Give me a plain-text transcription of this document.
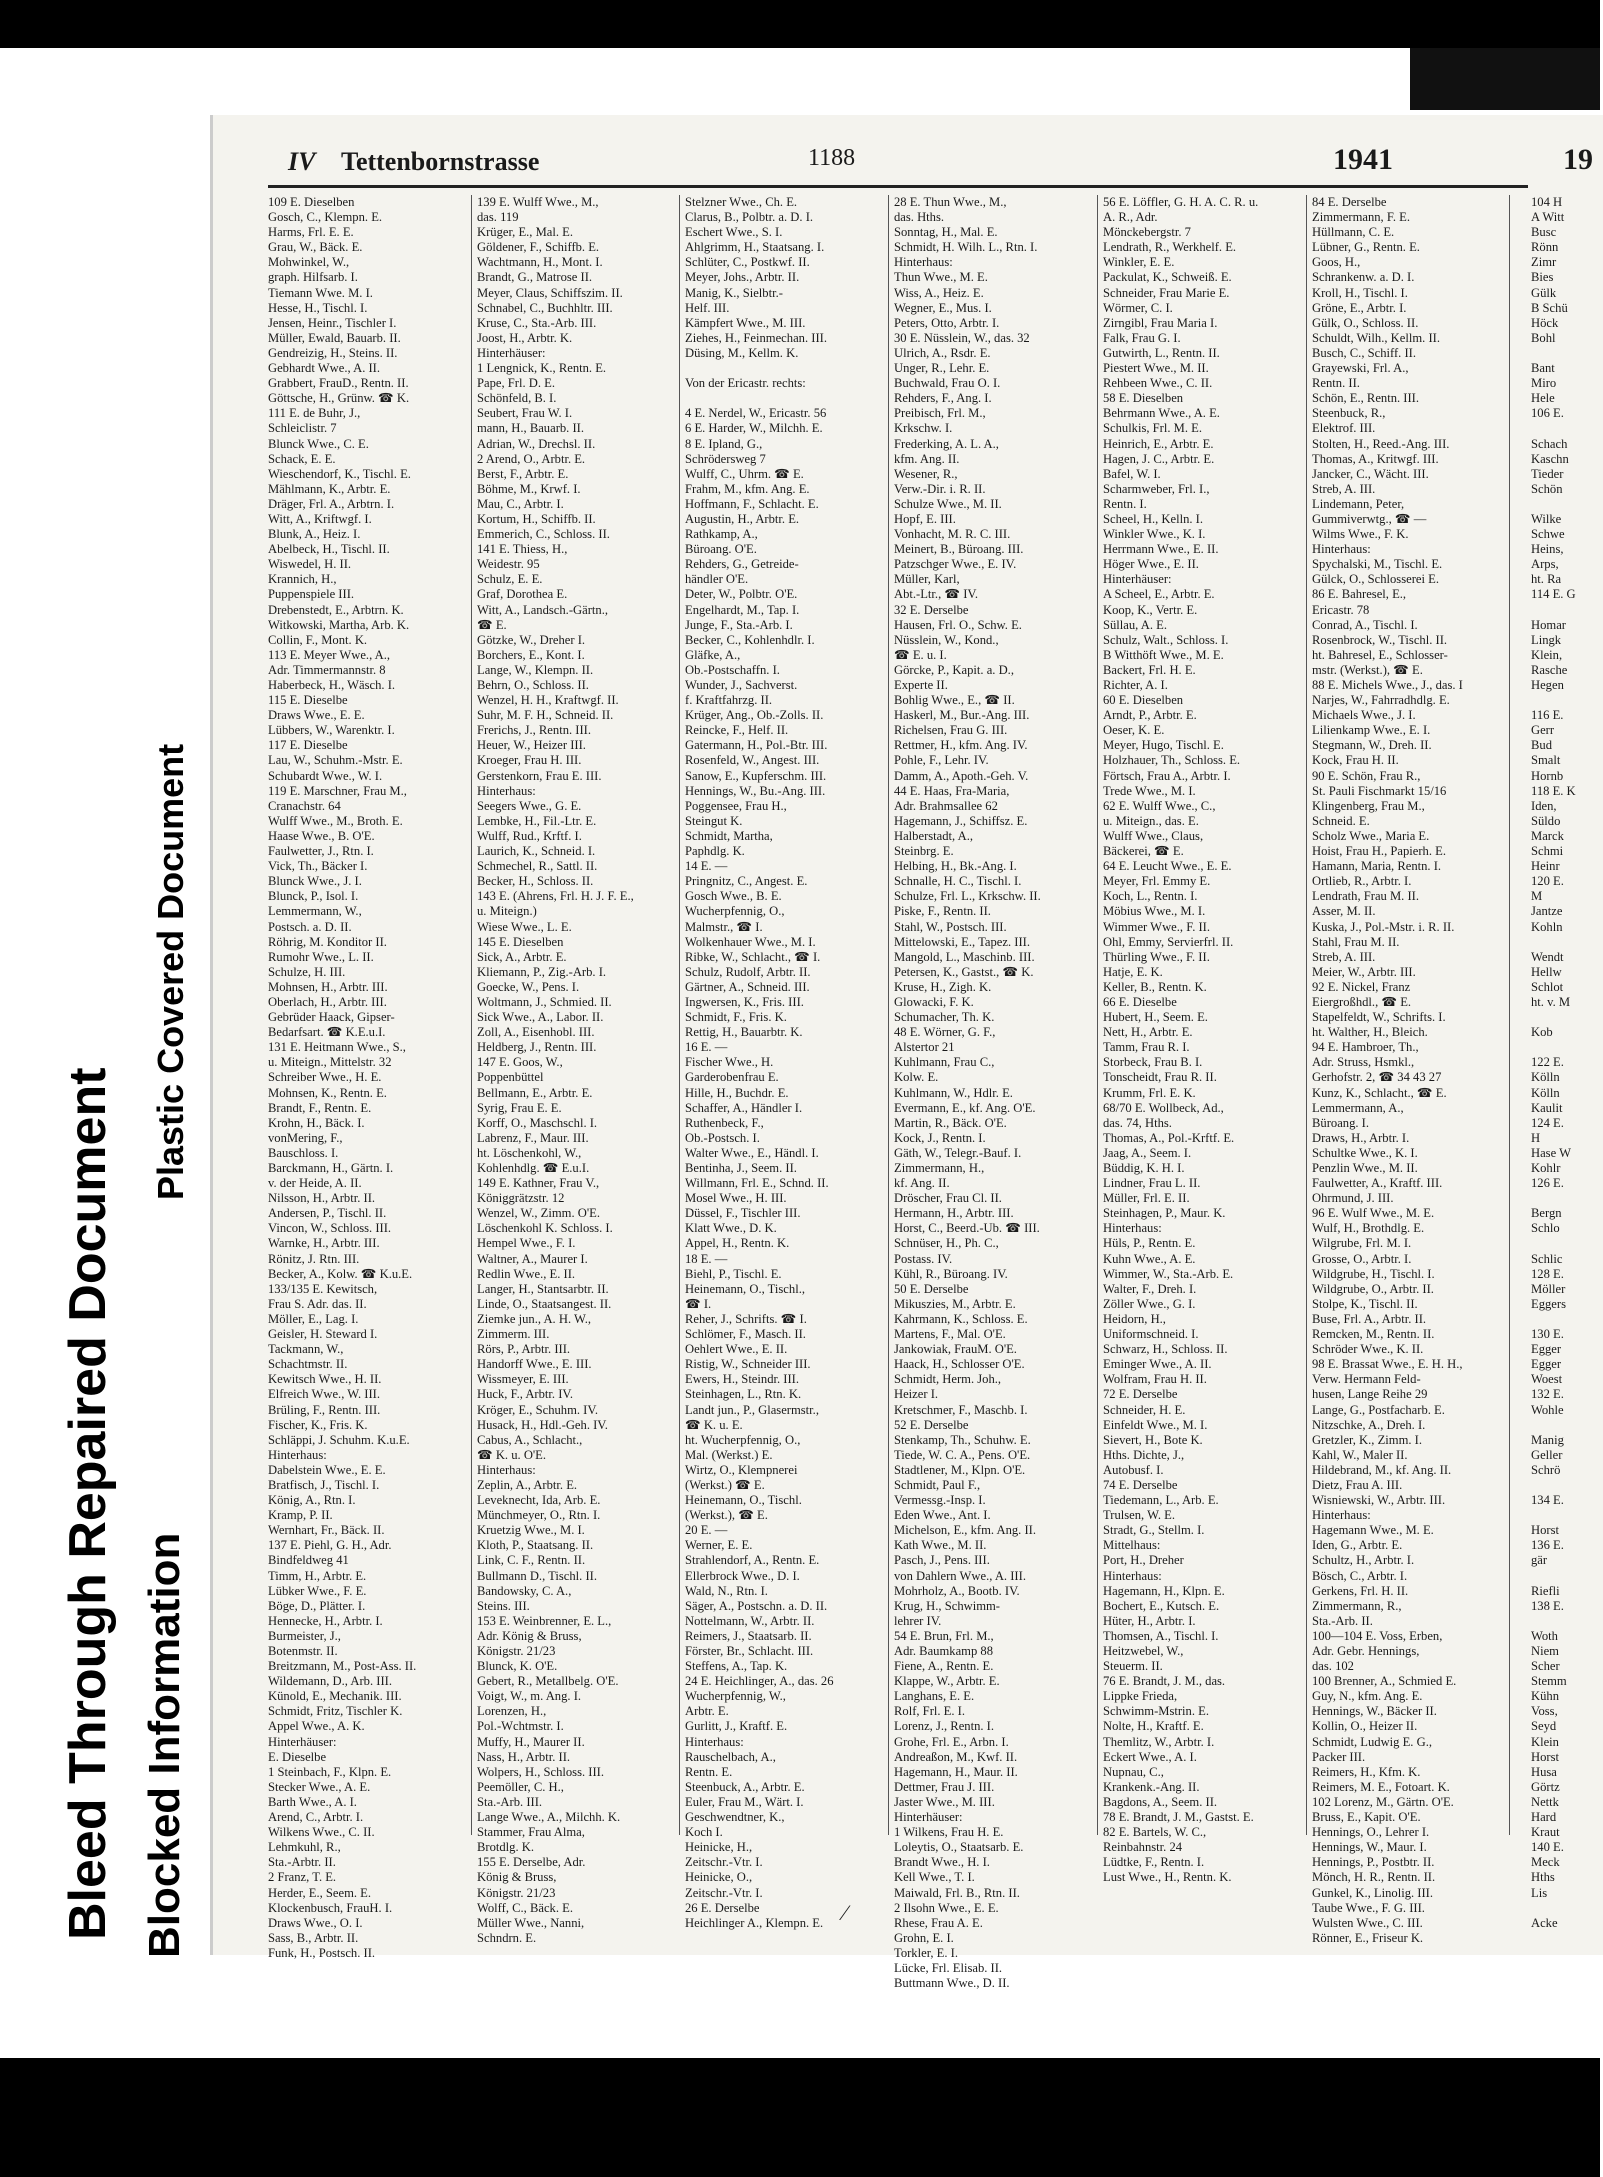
Bleed Through Repaired Document
Plastic Covered Document
Blocked Information
IV Tettenbornstrasse	1188	1941	19
109 E. Dieselben
Gosch, C., Klempn. E.
Harms, Frl. E. E.
Grau, W., Bäck. E.
Mohwinkel, W.,
graph. Hilfsarb. I.
Tiemann Wwe. M. I.
Hesse, H., Tischl. I.
Jensen, Heinr., Tischler I.
Müller, Ewald, Bauarb. II.
Gendreizig, H., Steins. II.
Gebhardt Wwe., A. II.
Grabbert, FrauD., Rentn. II.
Göttsche, H., Grünw. ☎ K.
111 E. de Buhr, J.,
Schleiclistr. 7
Blunck Wwe., C. E.
Schack, E. E.
Wieschendorf, K., Tischl. E.
Mählmann, K., Arbtr. E.
Dräger, Frl. A., Arbtrn. I.
Witt, A., Kriftwgf. I.
Blunk, A., Heiz. I.
Abelbeck, H., Tischl. II.
Wiswedel, H. II.
Krannich, H.,
Puppenspiele III.
Drebenstedt, E., Arbtrn. K.
Witkowski, Martha, Arb. K.
Collin, F., Mont. K.
113 E. Meyer Wwe., A.,
Adr. Timmermannstr. 8
Haberbeck, H., Wäsch. I.
115 E. Dieselbe
Draws Wwe., E. E.
Lübbers, W., Warenktr. I.
117 E. Dieselbe
Lau, W., Schuhm.-Mstr. E.
Schubardt Wwe., W. I.
119 E. Marschner, Frau M.,
Cranachstr. 64
Wulff Wwe., M., Broth. E.
Haase Wwe., B. O'E.
Faulwetter, J., Rtn. I.
Vick, Th., Bäcker I.
Blunck Wwe., J. I.
Blunck, P., Isol. I.
Lemmermann, W.,
Postsch. a. D. II.
Röhrig, M. Konditor II.
Rumohr Wwe., L. II.
Schulze, H. III.
Mohnsen, H., Arbtr. III.
Oberlach, H., Arbtr. III.
Gebrüder Haack, Gipser-
Bedarfsart. ☎ K.E.u.I.
131 E. Heitmann Wwe., S.,
u. Miteign., Mittelstr. 32
Schreiber Wwe., H. E.
Mohnsen, K., Rentn. E.
Brandt, F., Rentn. E.
Krohn, H., Bäck. I.
vonMering, F.,
Bauschloss. I.
Barckmann, H., Gärtn. I.
v. der Heide, A. II.
Nilsson, H., Arbtr. II.
Andersen, P., Tischl. II.
Vincon, W., Schloss. III.
Warnke, H., Arbtr. III.
Rönitz, J. Rtn. III.
Becker, A., Kolw. ☎ K.u.E.
133/135 E. Kewitsch,
Frau S. Adr. das. II.
Möller, E., Lag. I.
Geisler, H. Steward I.
Tackmann, W.,
Schachtmstr. II.
Kewitsch Wwe., H. II.
Elfreich Wwe., W. III.
Brüling, F., Rentn. III.
Fischer, K., Fris. K.
Schläppi, J. Schuhm. K.u.E.
Hinterhaus:
Dabelstein Wwe., E. E.
Bratfisch, J., Tischl. I.
König, A., Rtn. I.
Kramp, P. II.
Wernhart, Fr., Bäck. II.
137 E. Piehl, G. H., Adr.
Bindfeldweg 41
Timm, H., Arbtr. E.
Lübker Wwe., F. E.
Böge, D., Plätter. I.
Hennecke, H., Arbtr. I.
Burmeister, J.,
Botenmstr. II.
Breitzmann, M., Post-Ass. II.
Wildemann, D., Arb. III.
Künold, E., Mechanik. III.
Schmidt, Fritz, Tischler K.
Appel Wwe., A. K.
Hinterhäuser:
E. Dieselbe
1 Steinbach, F., Klpn. E.
Stecker Wwe., A. E.
Barth Wwe., A. I.
Arend, C., Arbtr. I.
Wilkens Wwe., C. II.
Lehmkuhl, R.,
Sta.-Arbtr. II.
2 Franz, T. E.
Herder, E., Seem. E.
Klockenbusch, FrauH. I.
Draws Wwe., O. I.
Sass, B., Arbtr. II.
Funk, H., Postsch. II.
139 E. Wulff Wwe., M.,
das. 119
Krüger, E., Mal. E.
Göldener, F., Schiffb. E.
Wachtmann, H., Mont. I.
Brandt, G., Matrose II.
Meyer, Claus, Schiffszim. II.
Schnabel, C., Buchhltr. III.
Kruse, C., Sta.-Arb. III.
Joost, H., Arbtr. K.
Hinterhäuser:
1 Lengnick, K., Rentn. E.
Pape, Frl. D. E.
Schönfeld, B. I.
Seubert, Frau W. I.
mann, H., Bauarb. II.
Adrian, W., Drechsl. II.
2 Arend, O., Arbtr. E.
Berst, F., Arbtr. E.
Böhme, M., Krwf. I.
Mau, C., Arbtr. I.
Kortum, H., Schiffb. II.
Emmerich, C., Schloss. II.
141 E. Thiess, H.,
Weidestr. 95
Schulz, E. E.
Graf, Dorothea E.
Witt, A., Landsch.-Gärtn.,
☎ E.
Götzke, W., Dreher I.
Borchers, E., Kont. I.
Lange, W., Klempn. II.
Behrn, O., Schloss. II.
Wenzel, H. H., Kraftwgf. II.
Suhr, M. F. H., Schneid. II.
Frerichs, J., Rentn. III.
Heuer, W., Heizer III.
Kroeger, Frau H. III.
Gerstenkorn, Frau E. III.
Hinterhaus:
Seegers Wwe., G. E.
Lembke, H., Fil.-Ltr. E.
Wulff, Rud., Krftf. I.
Laurich, K., Schneid. I.
Schmechel, R., Sattl. II.
Becker, H., Schloss. II.
143 E. (Ahrens, Frl. H. J. F. E.,
u. Miteign.)
Wiese Wwe., L. E.
145 E. Dieselben
Sick, A., Arbtr. E.
Kliemann, P., Zig.-Arb. I.
Goecke, W., Pens. I.
Woltmann, J., Schmied. II.
Sick Wwe., A., Labor. II.
Zoll, A., Eisenhobl. III.
Heldberg, J., Rentn. III.
147 E. Goos, W.,
Poppenbüttel
Bellmann, E., Arbtr. E.
Syrig, Frau E. E.
Korff, O., Maschschl. I.
Labrenz, F., Maur. III.
ht. Löschenkohl, W.,
Kohlenhdlg. ☎ E.u.I.
149 E. Kathner, Frau V.,
Königgrätzstr. 12
Wenzel, W., Zimm. O'E.
Löschenkohl K. Schloss. I.
Hempel Wwe., F. I.
Waltner, A., Maurer I.
Redlin Wwe., E. II.
Langer, H., Stantsarbtr. II.
Linde, O., Staatsangest. II.
Ziemke jun., A. H. W.,
Zimmerm. III.
Rörs, P., Arbtr. III.
Handorff Wwe., E. III.
Wissmeyer, E. III.
Huck, F., Arbtr. IV.
Kröger, E., Schuhm. IV.
Husack, H., Hdl.-Geh. IV.
Cabus, A., Schlacht.,
☎ K. u. O'E.
Hinterhaus:
Zeplin, A., Arbtr. E.
Leveknecht, Ida, Arb. E.
Münchmeyer, O., Rtn. I.
Kruetzig Wwe., M. I.
Kloth, P., Staatsang. II.
Link, C. F., Rentn. II.
Bullmann D., Tischl. II.
Bandowsky, C. A.,
Steins. III.
153 E. Weinbrenner, E. L.,
Adr. König & Bruss,
Königstr. 21/23
Blunck, K. O'E.
Gebert, R., Metallbelg. O'E.
Voigt, W., m. Ang. I.
Lorenzen, H.,
Pol.-Wchtmstr. I.
Muffy, H., Maurer II.
Nass, H., Arbtr. II.
Wolpers, H., Schloss. III.
Peemöller, C. H.,
Sta.-Arb. III.
Lange Wwe., A., Milchh. K.
Stammer, Frau Alma,
Brotdlg. K.
155 E. Derselbe, Adr.
König & Bruss,
Königstr. 21/23
Wolff, C., Bäck. E.
Müller Wwe., Nanni,
Schndrn. E.
Stelzner Wwe., Ch. E.
Clarus, B., Polbtr. a. D. I.
Eschert Wwe., S. I.
Ahlgrimm, H., Staatsang. I.
Schlüter, C., Postkwf. II.
Meyer, Johs., Arbtr. II.
Manig, K., Sielbtr.-
Helf. III.
Kämpfert Wwe., M. III.
Ziehes, H., Feinmechan. III.
Düsing, M., Kellm. K.

Von der Ericastr. rechts:

4 E. Nerdel, W., Ericastr. 56
6 E. Harder, W., Milchh. E.
8 E. Ipland, G.,
Schrödersweg 7
Wulff, C., Uhrm. ☎ E.
Frahm, M., kfm. Ang. E.
Hoffmann, F., Schlacht. E.
Augustin, H., Arbtr. E.
Rathkamp, A.,
Büroang. O'E.
Rehders, G., Getreide-
händler O'E.
Deter, W., Polbtr. O'E.
Engelhardt, M., Tap. I.
Junge, F., Sta.-Arb. I.
Becker, C., Kohlenhdlr. I.
Gläfke, A.,
Ob.-Postschaffn. I.
Wunder, J., Sachverst.
f. Kraftfahrzg. II.
Krüger, Ang., Ob.-Zolls. II.
Reincke, F., Helf. II.
Gatermann, H., Pol.-Btr. III.
Rosenfeld, W., Angest. III.
Sanow, E., Kupferschm. III.
Hennings, W., Bu.-Ang. III.
Poggensee, Frau H.,
Steingut K.
Schmidt, Martha,
Paphdlg. K.
14 E. —
Pringnitz, C., Angest. E.
Gosch Wwe., B. E.
Wucherpfennig, O.,
Malmstr., ☎ I.
Wolkenhauer Wwe., M. I.
Ribke, W., Schlacht., ☎ I.
Schulz, Rudolf, Arbtr. II.
Gärtner, A., Schneid. III.
Ingwersen, K., Fris. III.
Schmidt, F., Fris. K.
Rettig, H., Bauarbtr. K.
16 E. —
Fischer Wwe., H.
Garderobenfrau E.
Hille, H., Buchdr. E.
Schaffer, A., Händler I.
Ruthenbeck, F.,
Ob.-Postsch. I.
Walter Wwe., E., Händl. I.
Bentinha, J., Seem. II.
Willmann, Frl. E., Schnd. II.
Mosel Wwe., H. III.
Düssel, F., Tischler III.
Klatt Wwe., D. K.
Appel, H., Rentn. K.
18 E. —
Biehl, P., Tischl. E.
Heinemann, O., Tischl.,
☎ I.
Reher, J., Schrifts. ☎ I.
Schlömer, F., Masch. II.
Oehlert Wwe., E. II.
Ristig, W., Schneider III.
Ewers, H., Steindr. III.
Steinhagen, L., Rtn. K.
Landt jun., P., Glasermstr.,
☎ K. u. E.
ht. Wucherpfennig, O.,
Mal. (Werkst.) E.
Wirtz, O., Klempnerei
(Werkst.) ☎ E.
Heinemann, O., Tischl.
(Werkst.), ☎ E.
20 E. —
Werner, E. E.
Strahlendorf, A., Rentn. E.
Ellerbrock Wwe., D. I.
Wald, N., Rtn. I.
Säger, A., Postschn. a. D. II.
Nottelmann, W., Arbtr. II.
Reimers, J., Staatsarb. II.
Förster, Br., Schlacht. III.
Steffens, A., Tap. K.
24 E. Heichlinger, A., das. 26
Wucherpfennig, W.,
Arbtr. E.
Gurlitt, J., Kraftf. E.
Hinterhaus:
Rauschelbach, A.,
Rentn. E.
Steenbuck, A., Arbtr. E.
Euler, Frau M., Wärt. I.
Geschwendtner, K.,
Koch I.
Heinicke, H.,
Zeitschr.-Vtr. I.
Heinicke, O.,
Zeitschr.-Vtr. I.
26 E. Derselbe
Heichlinger A., Klempn. E.
28 E. Thun Wwe., M.,
das. Hths.
Sonntag, H., Mal. E.
Schmidt, H. Wilh. L., Rtn. I.
Hinterhaus:
Thun Wwe., M. E.
Wiss, A., Heiz. E.
Wegner, E., Mus. I.
Peters, Otto, Arbtr. I.
30 E. Nüsslein, W., das. 32
Ulrich, A., Rsdr. E.
Unger, R., Lehr. E.
Buchwald, Frau O. I.
Rehders, F., Ang. I.
Preibisch, Frl. M.,
Krkschw. I.
Frederking, A. L. A.,
kfm. Ang. II.
Wesener, R.,
Verw.-Dir. i. R. II.
Schulze Wwe., M. II.
Hopf, E. III.
Vonhacht, M. R. C. III.
Meinert, B., Büroang. III.
Patzschger Wwe., E. IV.
Müller, Karl,
Abt.-Ltr., ☎ IV.
32 E. Derselbe
Hausen, Frl. O., Schw. E.
Nüsslein, W., Kond.,
☎ E. u. I.
Görcke, P., Kapit. a. D.,
Experte II.
Bohlig Wwe., E., ☎ II.
Haskerl, M., Bur.-Ang. III.
Richelsen, Frau G. III.
Rettmer, H., kfm. Ang. IV.
Pohle, F., Lehr. IV.
Damm, A., Apoth.-Geh. V.
44 E. Haas, Fra-Maria,
Adr. Brahmsallee 62
Hagemann, J., Schiffsz. E.
Halberstadt, A.,
Steinbrg. E.
Helbing, H., Bk.-Ang. I.
Schnalle, H. C., Tischl. I.
Schulze, Frl. L., Krkschw. II.
Piske, F., Rentn. II.
Stahl, W., Postsch. III.
Mittelowski, E., Tapez. III.
Mangold, L., Maschinb. III.
Petersen, K., Gastst., ☎ K.
Kruse, H., Zigh. K.
Glowacki, F. K.
Schumacher, Th. K.
48 E. Wörner, G. F.,
Alstertor 21
Kuhlmann, Frau C.,
Kolw. E.
Kuhlmann, W., Hdlr. E.
Evermann, E., kf. Ang. O'E.
Martin, R., Bäck. O'E.
Kock, J., Rentn. I.
Gäth, W., Telegr.-Bauf. I.
Zimmermann, H.,
kf. Ang. II.
Dröscher, Frau Cl. II.
Hermann, H., Arbtr. III.
Horst, C., Beerd.-Ub. ☎ III.
Schnüser, H., Ph. C.,
Postass. IV.
Kühl, R., Büroang. IV.
50 E. Derselbe
Mikuszies, M., Arbtr. E.
Kahrmann, K., Schloss. E.
Martens, F., Mal. O'E.
Jankowiak, FrauM. O'E.
Haack, H., Schlosser O'E.
Schmidt, Herm. Joh.,
Heizer I.
Kretschmer, F., Maschb. I.
52 E. Derselbe
Stenkamp, Th., Schuhw. E.
Tiede, W. C. A., Pens. O'E.
Stadtlener, M., Klpn. O'E.
Schmidt, Paul F.,
Vermessg.-Insp. I.
Eden Wwe., Ant. I.
Michelson, E., kfm. Ang. II.
Kath Wwe., M. II.
Pasch, J., Pens. III.
von Dahlern Wwe., A. III.
Mohrholz, A., Bootb. IV.
Krug, H., Schwimm-
lehrer IV.
54 E. Brun, Frl. M.,
Adr. Baumkamp 88
Fiene, A., Rentn. E.
Klappe, W., Arbtr. E.
Langhans, E. E.
Rolf, Frl. E. I.
Lorenz, J., Rentn. I.
Grohe, Frl. E., Arbn. I.
Andreaßon, M., Kwf. II.
Hagemann, H., Maur. II.
Dettmer, Frau J. III.
Jaster Wwe., M. III.
Hinterhäuser:
1 Wilkens, Frau H. E.
Loleytis, O., Staatsarb. E.
Brandt Wwe., H. I.
Kell Wwe., T. I.
Maiwald, Frl. B., Rtn. II.
2 Ilsohn Wwe., E. E.
Rhese, Frau A. E.
Grohn, E. I.
Torkler, E. I.
Lücke, Frl. Elisab. II.
Buttmann Wwe., D. II.
56 E. Löffler, G. H. A. C. R. u.
A. R., Adr.
Mönckebergstr. 7
Lendrath, R., Werkhelf. E.
Winkler, E. E.
Packulat, K., Schweiß. E.
Schneider, Frau Marie E.
Wörmer, C. I.
Zirngibl, Frau Maria I.
Falk, Frau G. I.
Gutwirth, L., Rentn. II.
Piestert Wwe., M. II.
Rehbeen Wwe., C. II.
58 E. Dieselben
Behrmann Wwe., A. E.
Schulkis, Frl. M. E.
Heinrich, E., Arbtr. E.
Hagen, J. C., Arbtr. E.
Bafel, W. I.
Scharmweber, Frl. I.,
Rentn. I.
Scheel, H., Kelln. I.
Winkler Wwe., K. I.
Herrmann Wwe., E. II.
Höger Wwe., E. II.
Hinterhäuser:
A Scheel, E., Arbtr. E.
Koop, K., Vertr. E.
Süllau, A. E.
Schulz, Walt., Schloss. I.
B Witthöft Wwe., M. E.
Backert, Frl. H. E.
Richter, A. I.
60 E. Dieselben
Arndt, P., Arbtr. E.
Oeser, K. E.
Meyer, Hugo, Tischl. E.
Holzhauer, Th., Schloss. E.
Förtsch, Frau A., Arbtr. I.
Trede Wwe., M. I.
62 E. Wulff Wwe., C.,
u. Miteign., das. E.
Wulff Wwe., Claus,
Bäckerei, ☎ E.
64 E. Leucht Wwe., E. E.
Meyer, Frl. Emmy E.
Koch, L., Rentn. I.
Möbius Wwe., M. I.
Wimmer Wwe., F. II.
Ohl, Emmy, Servierfrl. II.
Thürling Wwe., F. II.
Hatje, E. K.
Keller, B., Rentn. K.
66 E. Dieselbe
Hubert, H., Seem. E.
Nett, H., Arbtr. E.
Tamm, Frau R. I.
Storbeck, Frau B. I.
Tonscheidt, Frau R. II.
Krumm, Frl. E. K.
68/70 E. Wollbeck, Ad.,
das. 74, Hths.
Thomas, A., Pol.-Krftf. E.
Jaag, A., Seem. I.
Büddig, K. H. I.
Lindner, Frau L. II.
Müller, Frl. E. II.
Steinhagen, P., Maur. K.
Hinterhaus:
Hüls, P., Rentn. E.
Kuhn Wwe., A. E.
Wimmer, W., Sta.-Arb. E.
Walter, F., Dreh. I.
Zöller Wwe., G. I.
Heidorn, H.,
Uniformschneid. I.
Schwarz, H., Schloss. II.
Eminger Wwe., A. II.
Wolfram, Frau H. II.
72 E. Derselbe
Schneider, H. E.
Einfeldt Wwe., M. I.
Sievert, H., Bote K.
Hths. Dichte, J.,
Autobusf. I.
74 E. Derselbe
Tiedemann, L., Arb. E.
Trulsen, W. E.
Stradt, G., Stellm. I.
Mittelhaus:
Port, H., Dreher
Hinterhaus:
Hagemann, H., Klpn. E.
Bochert, E., Kutsch. E.
Hüter, H., Arbtr. I.
Thomsen, A., Tischl. I.
Heitzwebel, W.,
Steuerm. II.
76 E. Brandt, J. M., das.
Lippke Frieda,
Schwimm-Mstrin. E.
Nolte, H., Kraftf. E.
Themlitz, W., Arbtr. I.
Eckert Wwe., A. I.
Nupnau, C.,
Krankenk.-Ang. II.
Bagdons, A., Seem. II.
78 E. Brandt, J. M., Gastst. E.
82 E. Bartels, W. C.,
Reinbahnstr. 24
Lüdtke, F., Rentn. I.
Lust Wwe., H., Rentn. K.
84 E. Derselbe
Zimmermann, F. E.
Hüllmann, C. E.
Lübner, G., Rentn. E.
Goos, H.,
Schrankenw. a. D. I.
Kroll, H., Tischl. I.
Gröne, E., Arbtr. I.
Gülk, O., Schloss. II.
Schuldt, Wilh., Kellm. II.
Busch, C., Schiff. II.
Grayewski, Frl. A.,
Rentn. II.
Schön, E., Rentn. III.
Steenbuck, R.,
Elektrof. III.
Stolten, H., Reed.-Ang. III.
Thomas, A., Kritwgf. III.
Jancker, C., Wächt. III.
Streb, A. III.
Lindemann, Peter,
Gummiverwtg., ☎ —
Wilms Wwe., F. K.
Hinterhaus:
Spychalski, M., Tischl. E.
Gülck, O., Schlosserei E.
86 E. Bahresel, E.,
Ericastr. 78
Conrad, A., Tischl. I.
Rosenbrock, W., Tischl. II.
ht. Bahresel, E., Schlosser-
mstr. (Werkst.), ☎ E.
88 E. Michels Wwe., J., das. I
Narjes, W., Fahrradhdlg. E.
Michaels Wwe., J. I.
Lilienkamp Wwe., E. I.
Stegmann, W., Dreh. II.
Kock, Frau H. II.
90 E. Schön, Frau R.,
St. Pauli Fischmarkt 15/16
Klingenberg, Frau M.,
Schneid. E.
Scholz Wwe., Maria E.
Hoist, Frau H., Papierh. E.
Hamann, Maria, Rentn. I.
Ortlieb, R., Arbtr. I.
Lendrath, Frau M. II.
Asser, M. II.
Kuska, J., Pol.-Mstr. i. R. II.
Stahl, Frau M. II.
Streb, A. III.
Meier, W., Arbtr. III.
92 E. Nickel, Franz
Eiergroßhdl., ☎ E.
Stapelfeldt, W., Schrifts. I.
ht. Walther, H., Bleich.
94 E. Hambroer, Th.,
Adr. Struss, Hsmkl.,
Gerhofstr. 2, ☎ 34 43 27
Kunz, K., Schlacht., ☎ E.
Lemmermann, A.,
Büroang. I.
Draws, H., Arbtr. I.
Schultke Wwe., K. I.
Penzlin Wwe., M. II.
Faulwetter, A., Kraftf. III.
Ohrmund, J. III.
96 E. Wulf Wwe., M. E.
Wulf, H., Brothdlg. E.
Wilgrube, Frl. M. I.
Grosse, O., Arbtr. I.
Wildgrube, H., Tischl. I.
Wildgrube, O., Arbtr. II.
Stolpe, K., Tischl. II.
Buse, Frl. A., Arbtr. II.
Remcken, M., Rentn. II.
Schröder Wwe., K. II.
98 E. Brassat Wwe., E. H. H.,
Verw. Hermann Feld-
husen, Lange Reihe 29
Lange, G., Postfacharb. E.
Nitzschke, A., Dreh. I.
Gretzler, K., Zimm. I.
Kahl, W., Maler II.
Hildebrand, M., kf. Ang. II.
Dietz, Frau A. III.
Wisniewski, W., Arbtr. III.
Hinterhaus:
Hagemann Wwe., M. E.
Iden, G., Arbtr. E.
Schultz, H., Arbtr. I.
Bösch, C., Arbtr. I.
Gerkens, Frl. H. II.
Zimmermann, R.,
Sta.-Arb. II.
100—104 E. Voss, Erben,
Adr. Gebr. Hennings,
das. 102
100 Brenner, A., Schmied E.
Guy, N., kfm. Ang. E.
Hennings, W., Bäcker II.
Kollin, O., Heizer II.
Schmidt, Ludwig E. G.,
Packer III.
Reimers, H., Kfm. K.
Reimers, M. E., Fotoart. K.
102 Lorenz, M., Gärtn. O'E.
Bruss, E., Kapit. O'E.
Hennings, O., Lehrer I.
Hennings, W., Maur. I.
Hennings, P., Postbtr. II.
Mönch, H. R., Rentn. II.
Gunkel, K., Linolig. III.
Taube Wwe., F. G. III.
Wulsten Wwe., C. III.
Rönner, E., Friseur K.
104 H
A Witt
Busc
Rönn
Zimr
Bies
Gülk
B Schü
Höck
Bohl

Bant
Miro
Hele
106 E.

Schach
Kaschn
Tieder
Schön

Wilke
Schwe
Heins,
Arps,
ht. Ra
114 E. G

Homar
Lingk
Klein,
Rasche
Hegen

116 E.
Gerr
Bud
Smalt
Hornb
118 E. K
Iden,
Süldo
Marck
Schmi
Heinr
120 E.
M
Jantze
Kohln

Wendt
Hellw
Schlot
ht. v. M

Kob

122 E.
Kölln
Kölln
Kaulit
124 E.
H
Hase W
Kohlr
126 E.

Bergn
Schlo

Schlic
128 E.
Möller
Eggers

130 E.
Egger
Egger
Woest
132 E.
Wohle

Manig
Geller
Schrö

134 E.

Horst
136 E.
gär

Riefli
138 E.

Woth
Niem
Scher
Stemm
Kühn
Voss,
Seyd
Klein
Horst
Husa
Görtz
Nettk
Hard
Kraut
140 E.
Meck
Hths
Lis

Acke
⁄
